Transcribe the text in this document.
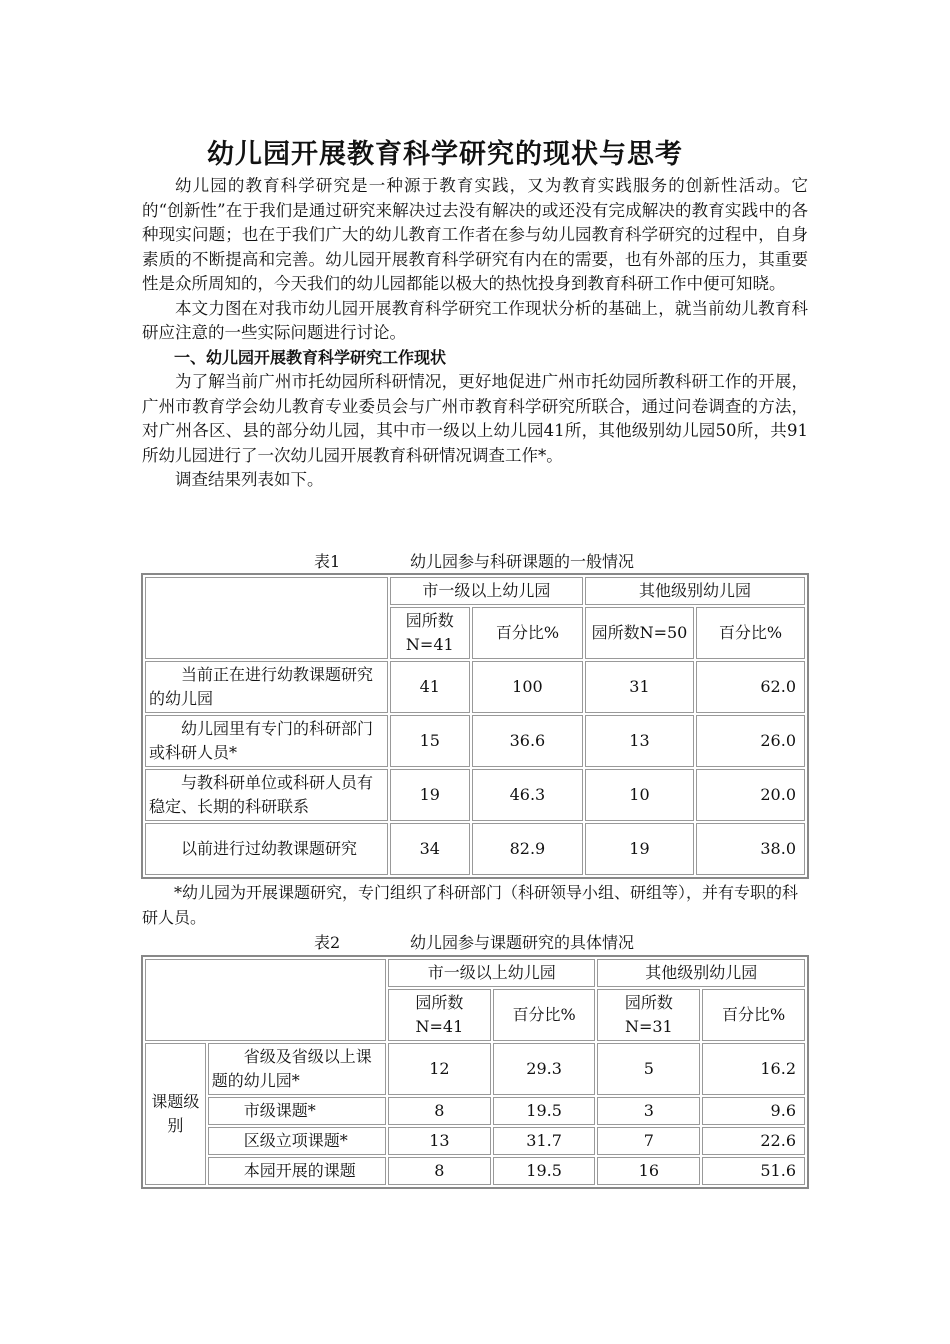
幼儿园开展教育科学研究的现状与思考

幼儿园的教育科学研究是一种源于教育实践，又为教育实践服务的创新性活动。它的“创新性”在于我们是通过研究来解决过去没有解决的或还没有完成解决的教育实践中的各种现实问题；也在于我们广大的幼儿教育工作者在参与幼儿园教育科学研究的过程中，自身素质的不断提高和完善。幼儿园开展教育科学研究有内在的需要，也有外部的压力，其重要性是众所周知的，今天我们的幼儿园都能以极大的热忱投身到教育科研工作中便可知晓。

本文力图在对我市幼儿园开展教育科学研究工作现状分析的基础上，就当前幼儿教育科研应注意的一些实际问题进行讨论。

一、幼儿园开展教育科学研究工作现状

为了解当前广州市托幼园所科研情况，更好地促进广州市托幼园所教科研工作的开展，广州市教育学会幼儿教育专业委员会与广州市教育科学研究所联合，通过问卷调查的方法，对广州各区、县的部分幼儿园，其中市一级以上幼儿园41所，其他级别幼儿园50所，共91所幼儿园进行了一次幼儿园开展教育科研情况调查工作*。

调查结果列表如下。

表1	幼儿园参与科研课题的一般情况
	市一级以上幼儿园		其他级别幼儿园	
	园所数N=41	百分比%	园所数N=50	百分比%
当前正在进行幼教课题研究的幼儿园	41	100	31	62.0
幼儿园里有专门的科研部门或科研人员*	15	36.6	13	26.0
与教科研单位或科研人员有稳定、长期的科研联系	19	46.3	10	20.0
以前进行过幼教课题研究	34	82.9	19	38.0
*幼儿园为开展课题研究，专门组织了科研部门（科研领导小组、研组等），并有专职的科研人员。
表2	幼儿园参与课题研究的具体情况
		市一级以上幼儿园		其他级别幼儿园	
		园所数N=41	百分比%	园所数N=31	百分比%
课题级别	省级及省级以上课题的幼儿园*	12	29.3	5	16.2
	市级课题*	8	19.5	3	9.6
	区级立项课题*	13	31.7	7	22.6
	本园开展的课题	8	19.5	16	51.6
